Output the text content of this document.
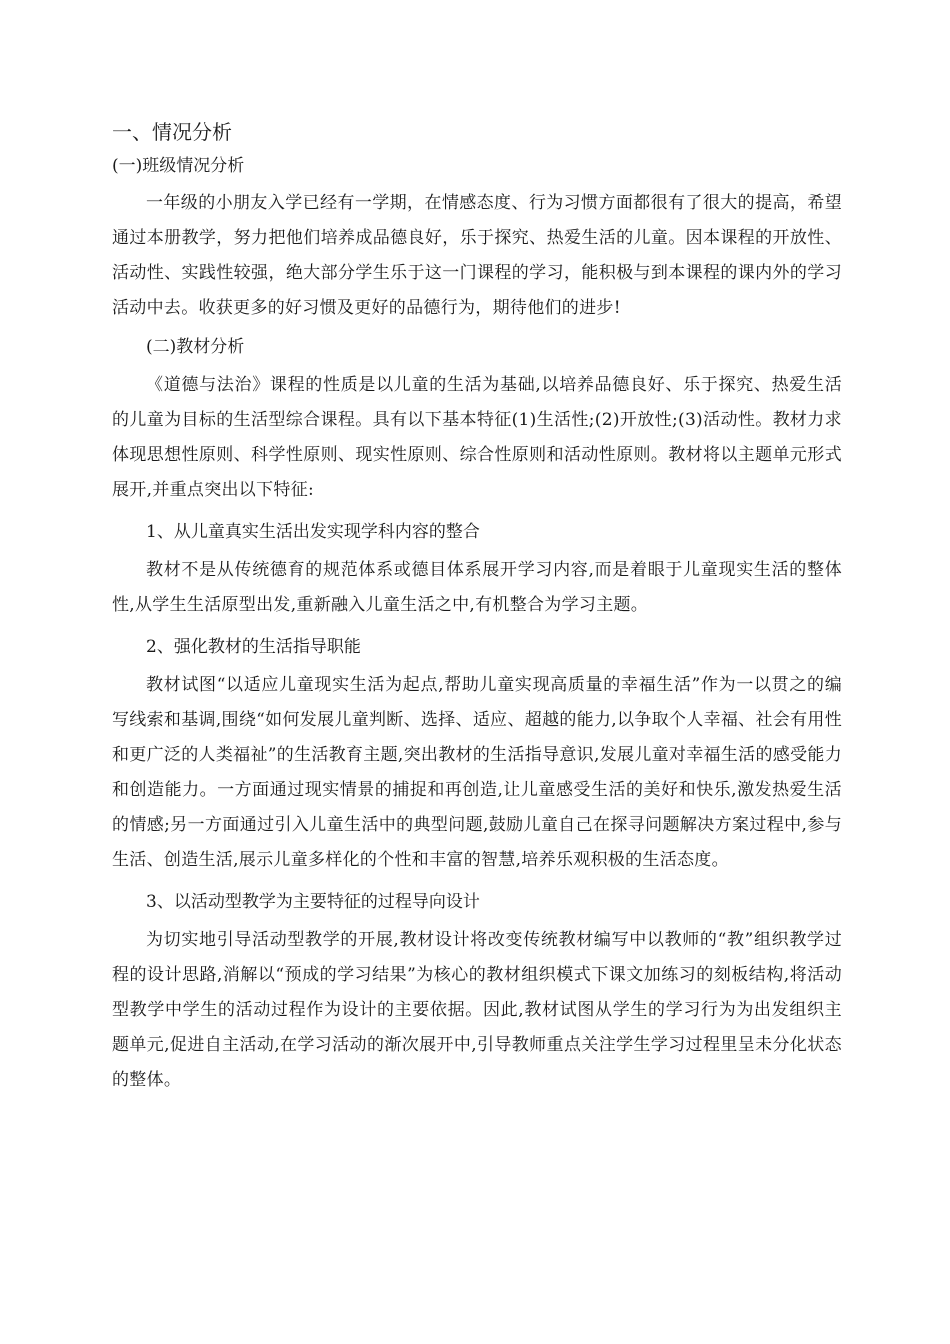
一、情况分析
(一)班级情况分析

一年级的小朋友入学已经有一学期，在情感态度、行为习惯方面都很有了很大的提高，希望通过本册教学，努力把他们培养成品德良好，乐于探究、热爱生活的儿童。因本课程的开放性、活动性、实践性较强，绝大部分学生乐于这一门课程的学习，能积极与到本课程的课内外的学习活动中去。收获更多的好习惯及更好的品德行为，期待他们的进步!

(二)教材分析

《道德与法治》课程的性质是以儿童的生活为基础,以培养品德良好、乐于探究、热爱生活的儿童为目标的生活型综合课程。具有以下基本特征(1)生活性;(2)开放性;(3)活动性。教材力求体现思想性原则、科学性原则、现实性原则、综合性原则和活动性原则。教材将以主题单元形式展开,并重点突出以下特征:

1、从儿童真实生活出发实现学科内容的整合

教材不是从传统德育的规范体系或德目体系展开学习内容,而是着眼于儿童现实生活的整体性,从学生生活原型出发,重新融入儿童生活之中,有机整合为学习主题。

2、强化教材的生活指导职能

教材试图“以适应儿童现实生活为起点,帮助儿童实现高质量的幸福生活”作为一以贯之的编写线索和基调,围绕“如何发展儿童判断、选择、适应、超越的能力,以争取个人幸福、社会有用性和更广泛的人类福祉”的生活教育主题,突出教材的生活指导意识,发展儿童对幸福生活的感受能力和创造能力。一方面通过现实情景的捕捉和再创造,让儿童感受生活的美好和快乐,激发热爱生活的情感;另一方面通过引入儿童生活中的典型问题,鼓励儿童自己在探寻问题解决方案过程中,参与生活、创造生活,展示儿童多样化的个性和丰富的智慧,培养乐观积极的生活态度。

3、以活动型教学为主要特征的过程导向设计

为切实地引导活动型教学的开展,教材设计将改变传统教材编写中以教师的“教”组织教学过程的设计思路,消解以“预成的学习结果”为核心的教材组织模式下课文加练习的刻板结构,将活动型教学中学生的活动过程作为设计的主要依据。因此,教材试图从学生的学习行为为出发组织主题单元,促进自主活动,在学习活动的渐次展开中,引导教师重点关注学生学习过程里呈未分化状态的整体。
